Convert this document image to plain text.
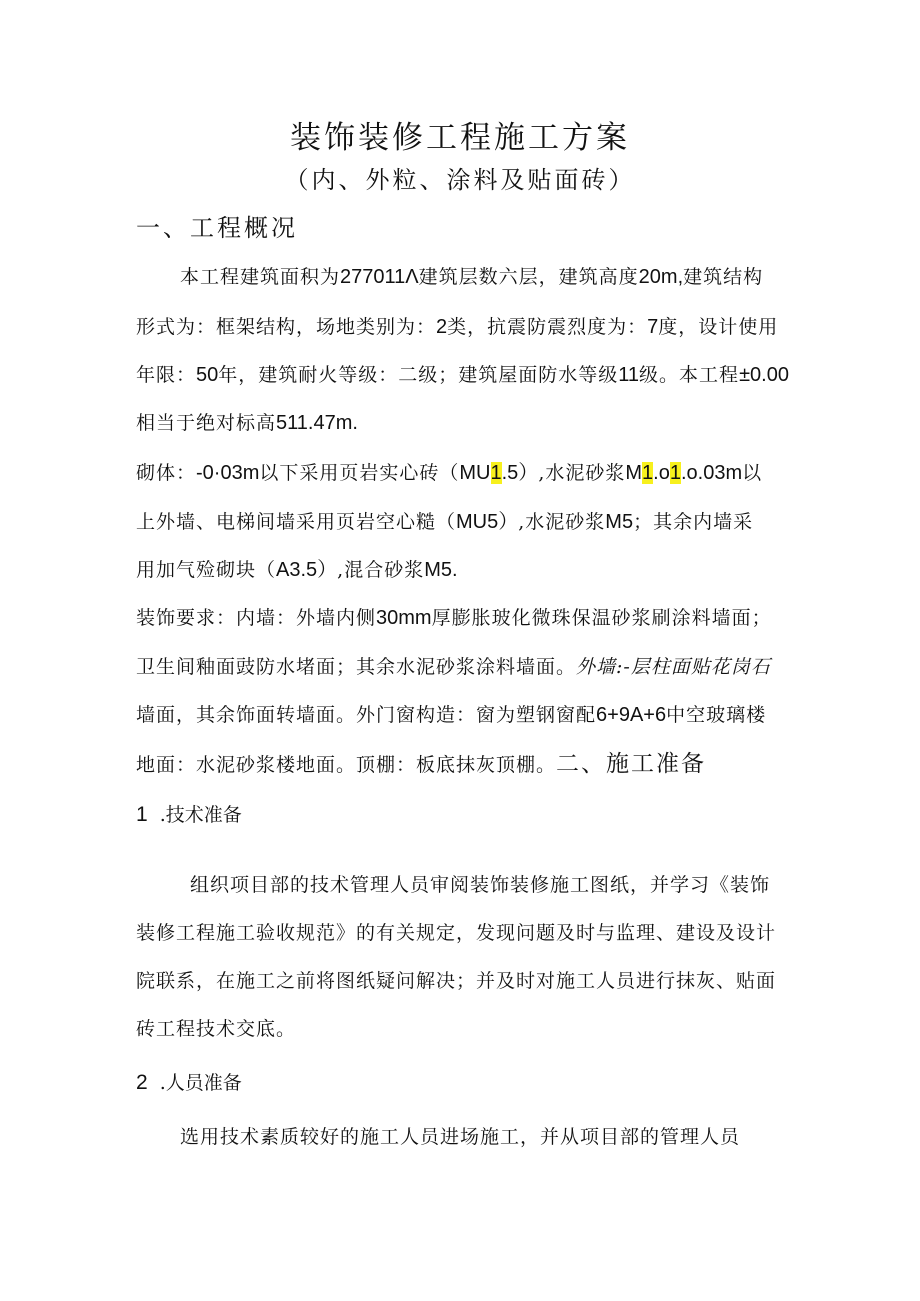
装饰装修工程施工方案
（内、外粒、涂料及贴面砖）
一、工程概况

本工程建筑面积为277011Λ建筑层数六层，建筑高度20m,建筑结构

形式为：框架结构，场地类别为：2类，抗震防震烈度为：7度，设计使用

年限：50年，建筑耐火等级：二级；建筑屋面防水等级11级。本工程±0.00

相当于绝对标高511.47m.

砌体：-0·03m以下采用页岩实心砖（MU1.5）,水泥砂浆M1.o1.o.03m以

上外墙、电梯间墙采用页岩空心糙（MU5）,水泥砂浆M5；其余内墙采

用加气殓砌块（A3.5）,混合砂浆M5.

装饰要求：内墙：外墙内侧30mm厚膨胀玻化微珠保温砂浆刷涂料墙面；

卫生间釉面豉防水堵面；其余水泥砂浆涂料墙面。外墙:-层柱面贴花岗石

墙面，其余饰面转墙面。外门窗构造：窗为塑钢窗配6+9A+6中空玻璃楼

地面：水泥砂浆楼地面。顶棚：板底抹灰顶棚。二、施工准备

1 .技术准备

组织项目部的技术管理人员审阅装饰装修施工图纸，并学习《装饰

装修工程施工验收规范》的有关规定，发现问题及时与监理、建设及设计

院联系，在施工之前将图纸疑问解决；并及时对施工人员进行抹灰、贴面

砖工程技术交底。

2 .人员准备

选用技术素质较好的施工人员进场施工，并从项目部的管理人员
